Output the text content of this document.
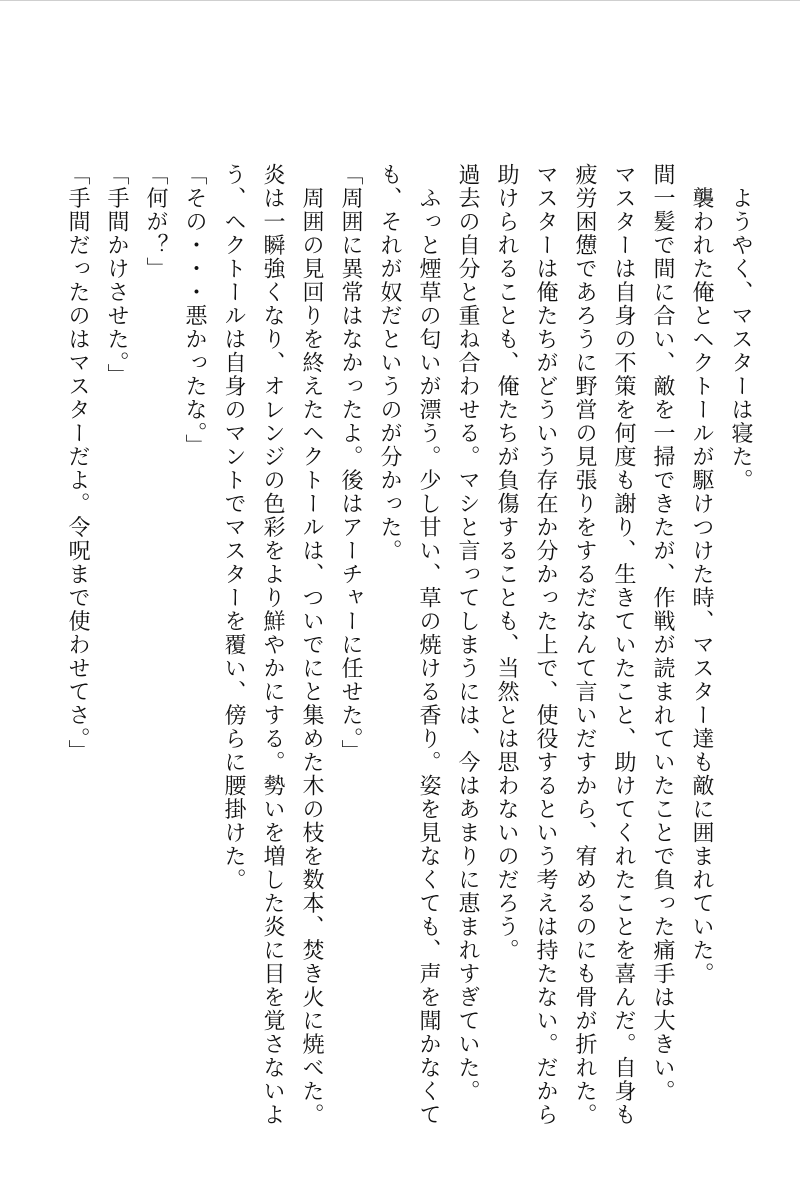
　ようやく、マスターは寝た。

　襲われた俺とヘクトールが駆けつけた時、マスター達も敵に囲まれていた。

間一髪で間に合い、敵を一掃できたが、作戦が読まれていたことで負った痛手は大きい。

マスターは自身の不策を何度も謝り、生きていたこと、助けてくれたことを喜んだ。自身も

疲労困憊であろうに野営の見張りをするだなんて言いだすから、宥めるのにも骨が折れた。

マスターは俺たちがどういう存在か分かった上で、使役するという考えは持たない。だから

助けられることも、俺たちが負傷することも、当然とは思わないのだろう。

過去の自分と重ね合わせる。マシと言ってしまうには、今はあまりに恵まれすぎていた。

　ふっと煙草の匂いが漂う。少し甘い、草の焼ける香り。姿を見なくても、声を聞かなくて

も、それが奴だというのが分かった。

「周囲に異常はなかったよ。後はアーチャーに任せた。」

　周囲の見回りを終えたヘクトールは、ついでにと集めた木の枝を数本、焚き火に焼べた。

炎は一瞬強くなり、オレンジの色彩をより鮮やかにする。勢いを増した炎に目を覚さないよ

う、ヘクトールは自身のマントでマスターを覆い、傍らに腰掛けた。

「その・・・悪かったな。」

「何が？」

「手間かけさせた。」

「手間だったのはマスターだよ。令呪まで使わせてさ。」
